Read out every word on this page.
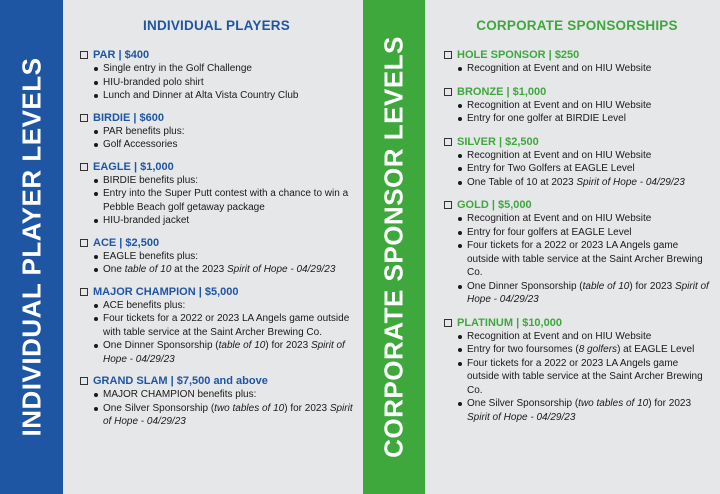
INDIVIDUAL PLAYER LEVELS
INDIVIDUAL PLAYERS
PAR | $400
Single entry in the Golf Challenge
HIU-branded polo shirt
Lunch and Dinner at Alta Vista Country Club
BIRDIE | $600
PAR benefits plus:
Golf Accessories
EAGLE | $1,000
BIRDIE benefits plus:
Entry into the Super Putt contest with a chance to win a Pebble Beach golf getaway package
HIU-branded jacket
ACE | $2,500
EAGLE benefits plus:
One table of 10 at the 2023 Spirit of Hope - 04/29/23
MAJOR CHAMPION | $5,000
ACE benefits plus:
Four tickets for a 2022 or 2023 LA Angels game outside with table service at the Saint Archer Brewing Co.
One Dinner Sponsorship (table of 10) for 2023 Spirit of Hope - 04/29/23
GRAND SLAM | $7,500 and above
MAJOR CHAMPION benefits plus:
One Silver Sponsorship (two tables of 10) for 2023 Spirit of Hope - 04/29/23	CORPORATE SPONSOR LEVELS
CORPORATE SPONSORSHIPS
HOLE SPONSOR | $250
Recognition at Event and on HIU Website
BRONZE | $1,000
Recognition at Event and on HIU Website
Entry for one golfer at BIRDIE Level
SILVER | $2,500
Recognition at Event and on HIU Website
Entry for Two Golfers at EAGLE Level
One Table of 10 at 2023 Spirit of Hope - 04/29/23
GOLD | $5,000
Recognition at Event and on HIU Website
Entry for four golfers at EAGLE Level
Four tickets for a 2022 or 2023 LA Angels game outside with table service at the Saint Archer Brewing Co.
One Dinner Sponsorship (table of 10) for 2023 Spirit of Hope - 04/29/23
PLATINUM | $10,000
Recognition at Event and on HIU Website
Entry for two foursomes (8 golfers) at EAGLE Level
Four tickets for a 2022 or 2023 LA Angels game outside with table service at the Saint Archer Brewing Co.
One Silver Sponsorship (two tables of 10) for 2023 Spirit of Hope - 04/29/23
